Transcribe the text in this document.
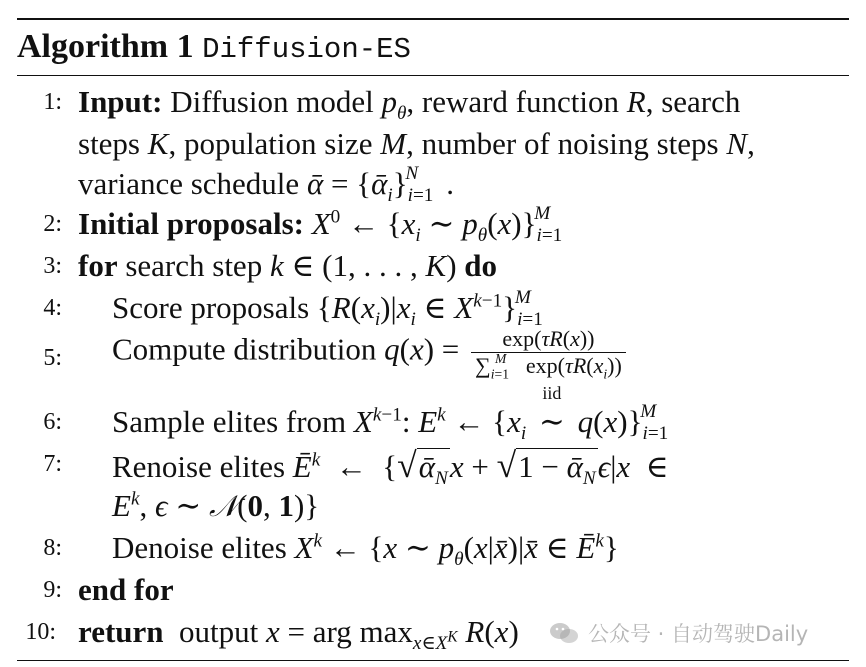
Algorithm 1 Diffusion-ES
1: Input: Diffusion model $p_\theta$, reward function R, search
steps K, population size M, number of noising steps N,
variance schedule ᾱ = $\{ᾱ_i\}_{i=1}^N$ .
2: Initial proposals: $X^0$ ← {$x_i$ ∼ $p_\theta(x)\}_{i=1}^M$
3: for search step k ∈ (1, . . . , K) do
4: Score proposals {$R(x_i)|x_i$ ∈ $X^{k-1}\}_{i=1}^M$
5: Compute distribution $q(x) = \frac{\exp(\tau R(x))}{\sum_{i=1}^M \exp(\tau R(x_i))}$
6: Sample elites from $X^{k-1}$: $E^k$ ← {$x_i$
iid
∼ $q(x)\}_{i=1}^M$
7: Renoise elites $Ē^k$  ←  {√ᾱ$_N$x + √1 − ᾱ$_N$ϵ|x  ∈
$E^k$, ϵ ∼ 𝒩(0, 1)}
8: Denoise elites $X^k$ ← {x ∼ $p_\theta(x|x̄)|x̄$ ∈ $Ē^k$}
9: end for
10: return  output x = arg $\max_{x\in X^K} R(x)$	公众号 · 自动驾驶Daily
